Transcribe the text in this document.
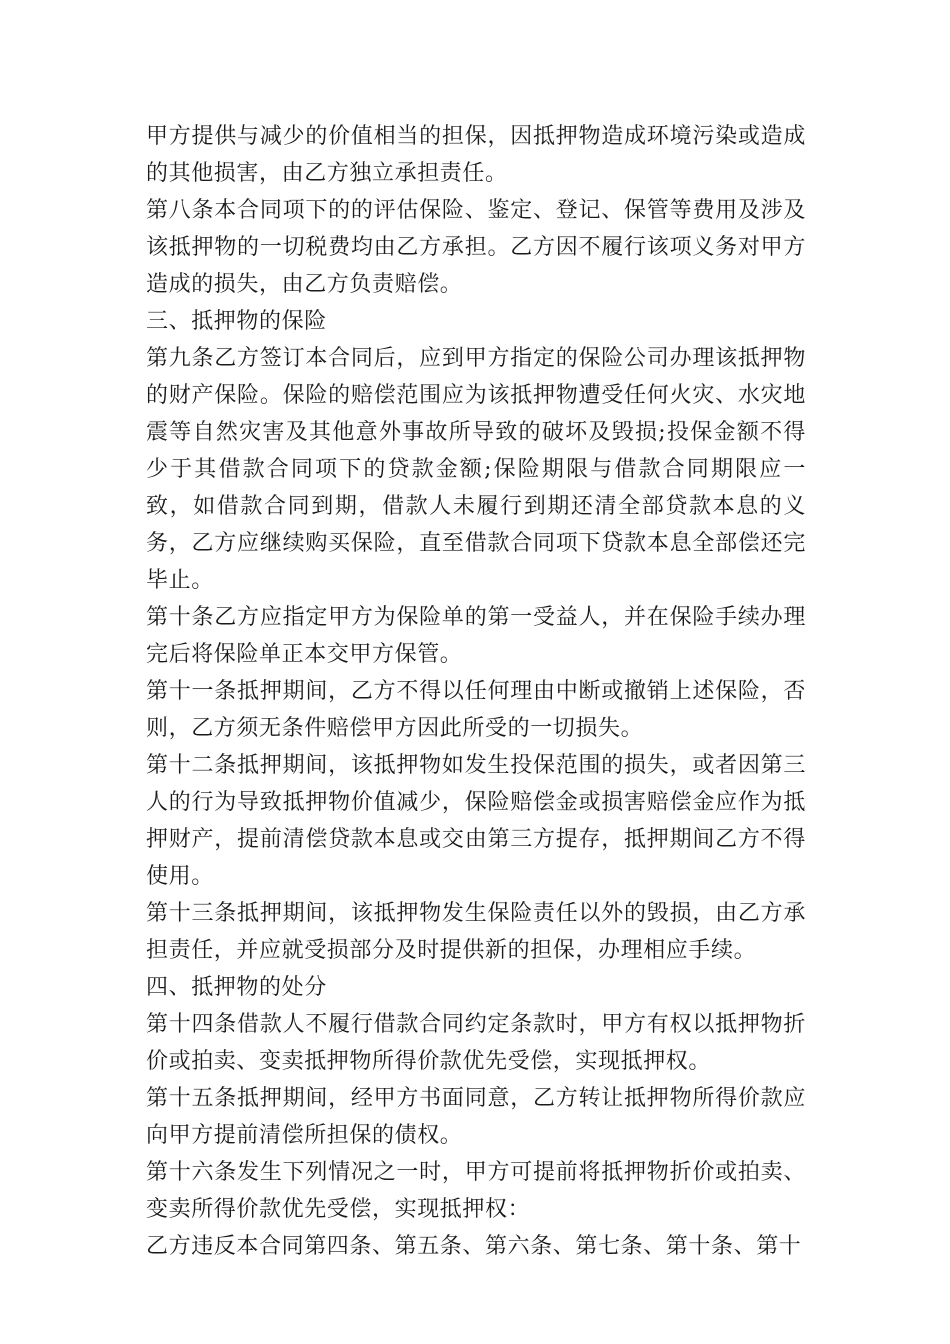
甲方提供与减少的价值相当的担保，因抵押物造成环境污染或造成的其他损害，由乙方独立承担责任。

第八条本合同项下的的评估保险、鉴定、登记、保管等费用及涉及该抵押物的一切税费均由乙方承担。乙方因不履行该项义务对甲方造成的损失，由乙方负责赔偿。

三、抵押物的保险

第九条乙方签订本合同后，应到甲方指定的保险公司办理该抵押物的财产保险。保险的赔偿范围应为该抵押物遭受任何火灾、水灾地震等自然灾害及其他意外事故所导致的破坏及毁损;投保金额不得少于其借款合同项下的贷款金额;保险期限与借款合同期限应一致，如借款合同到期，借款人未履行到期还清全部贷款本息的义务，乙方应继续购买保险，直至借款合同项下贷款本息全部偿还完毕止。

第十条乙方应指定甲方为保险单的第一受益人，并在保险手续办理完后将保险单正本交甲方保管。

第十一条抵押期间，乙方不得以任何理由中断或撤销上述保险，否则，乙方须无条件赔偿甲方因此所受的一切损失。

第十二条抵押期间，该抵押物如发生投保范围的损失，或者因第三人的行为导致抵押物价值减少，保险赔偿金或损害赔偿金应作为抵押财产，提前清偿贷款本息或交由第三方提存，抵押期间乙方不得使用。

第十三条抵押期间，该抵押物发生保险责任以外的毁损，由乙方承担责任，并应就受损部分及时提供新的担保，办理相应手续。

四、抵押物的处分

第十四条借款人不履行借款合同约定条款时，甲方有权以抵押物折价或拍卖、变卖抵押物所得价款优先受偿，实现抵押权。

第十五条抵押期间，经甲方书面同意，乙方转让抵押物所得价款应向甲方提前清偿所担保的债权。

第十六条发生下列情况之一时，甲方可提前将抵押物折价或拍卖、变卖所得价款优先受偿，实现抵押权：

乙方违反本合同第四条、第五条、第六条、第七条、第十条、第十
